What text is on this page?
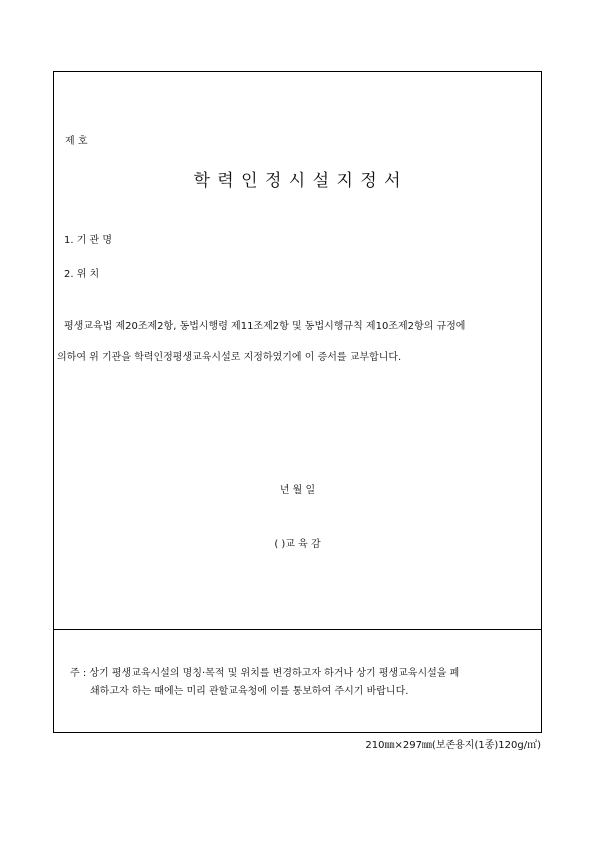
제 호
학 력 인 정 시 설 지 정 서
1. 기 관 명
2. 위 치
평생교육법 제20조제2항, 동법시행령 제11조제2항 및 동법시행규칙 제10조제2항의 규정에
의하여 위 기관을 학력인정평생교육시설로 지정하였기에 이 증서를 교부합니다.
년 월 일
( )교 육 감
주 : 상기 평생교육시설의 명칭·목적 및 위치를 변경하고자 하거나 상기 평생교육시설을 폐
쇄하고자 하는 때에는 미리 관할교육청에 이를 통보하여 주시기 바랍니다.
210㎜×297㎜(보존용지(1종)120g/㎡)
